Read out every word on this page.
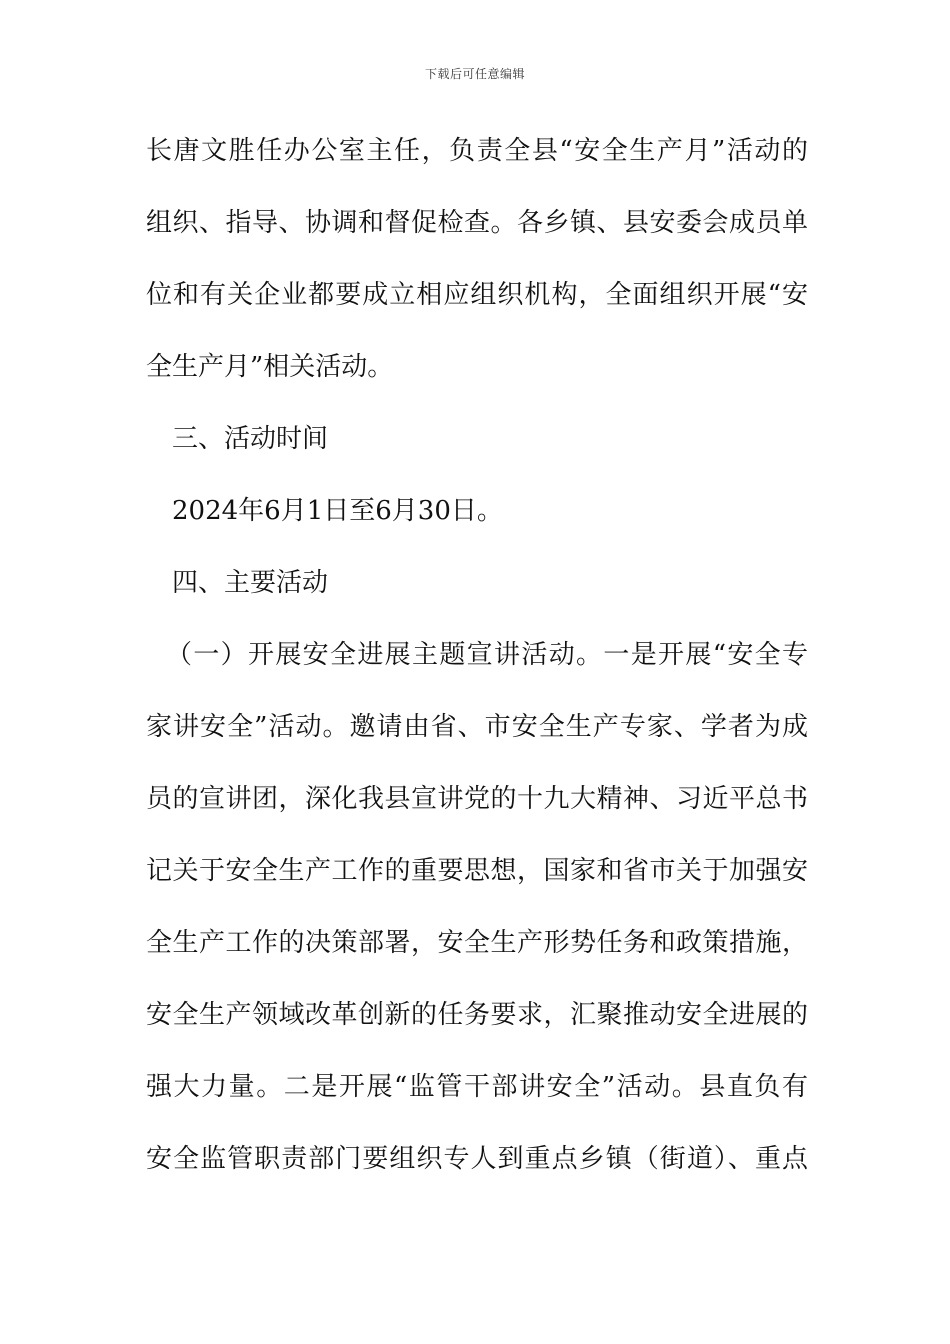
下载后可任意编辑
长唐文胜任办公室主任，负责全县“安全生产月”活动的
组织、指导、协调和督促检查。各乡镇、县安委会成员单
位和有关企业都要成立相应组织机构，全面组织开展“安
全生产月”相关活动。
三、活动时间
2024年6月1日至6月30日。
四、主要活动
（一）开展安全进展主题宣讲活动。一是开展“安全专
家讲安全”活动。邀请由省、市安全生产专家、学者为成
员的宣讲团，深化我县宣讲党的十九大精神、习近平总书
记关于安全生产工作的重要思想，国家和省市关于加强安
全生产工作的决策部署，安全生产形势任务和政策措施，
安全生产领域改革创新的任务要求，汇聚推动安全进展的
强大力量。二是开展“监管干部讲安全”活动。县直负有
安全监管职责部门要组织专人到重点乡镇（街道）、重点
